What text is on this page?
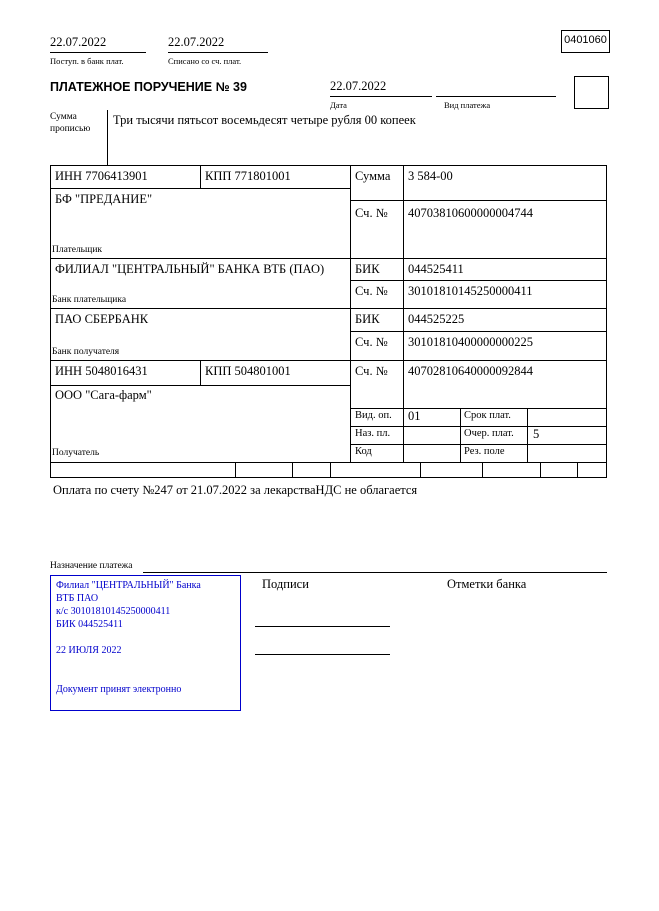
22.07.2022
Поступ. в банк плат.
22.07.2022
Списано со сч. плат.
0401060
ПЛАТЕЖНОЕ ПОРУЧЕНИЕ № 39	22.07.2022
Дата	Вид платежа
Сумма
прописью
Три тысячи пятьсот восемьдесят четыре рубля 00 копеек
ИНН 7706413901	КПП 771801001	Сумма 3 584-00
БФ "ПРЕДАНИЕ"
Сч. № 40703810600000004744
Плательщик
ФИЛИАЛ "ЦЕНТРАЛЬНЫЙ" БАНКА ВТБ (ПАО) БИК 044525411
Сч. № 30101810145250000411
Банк плательщика
ПАО СБЕРБАНК	БИК 044525225
Сч. № 30101810400000000225
Банк получателя
ИНН 5048016431	КПП 504801001	Сч. № 40702810640000092844
ООО "Сага-фарм"
Получатель
Вид. оп. 01	Срок плат.
Наз. пл.	Очер. плат. 5
Код	Рез. поле
Оплата по счету №247 от 21.07.2022 за лекарстваНДС не облагается
Назначение платежа
Подписи	Отметки банка
Филиал "ЦЕНТРАЛЬНЫЙ" Банка
ВТБ ПАО
к/с 30101810145250000411
БИК 044525411
22 ИЮЛЯ 2022
Документ принят электронно
